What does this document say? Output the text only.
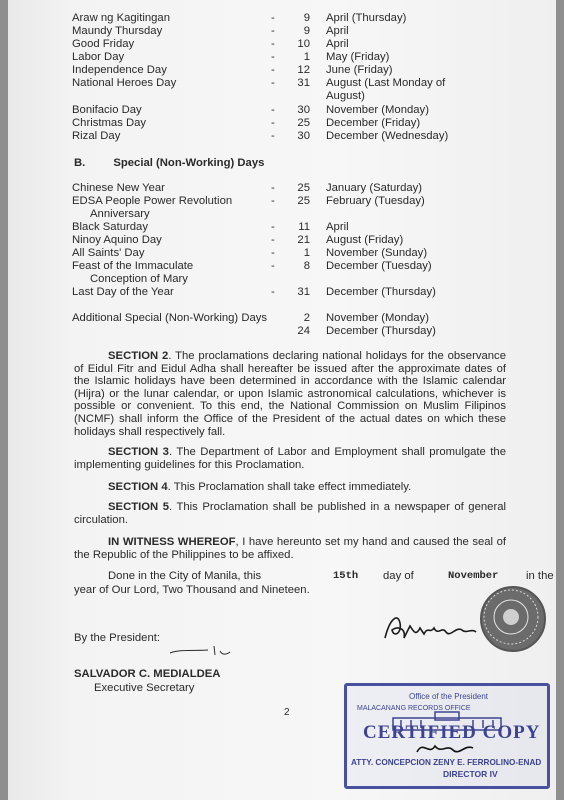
Araw ng Kagitingan	-	9 April (Thursday)
Maundy Thursday	-	9 April
Good Friday	- 10 April
Labor Day	-	1 May (Friday)
Independence Day	- 12 June (Friday)
National Heroes Day	- 31 August (Last Monday of
August)
Bonifacio Day	- 30 November (Monday)
Christmas Day	- 25 December (Friday)
Rizal Day	- 30 December (Wednesday)
B. Special (Non-Working) Days
Chinese New Year	- 25 January (Saturday)
EDSA People Power Revolution	- 25 February (Tuesday)
Anniversary
Black Saturday	- 11 April
Ninoy Aquino Day	- 21 August (Friday)
All Saints' Day	-	1 November (Sunday)
Feast of the Immaculate	-	8 December (Tuesday)
Conception of Mary
Last Day of the Year	- 31 December (Thursday)
Additional Special (Non-Working) Days	2 November (Monday)
24 December (Thursday)
SECTION 2. The proclamations declaring national holidays for the observance of Eidul Fitr and Eidul Adha shall hereafter be issued after the approximate dates of the Islamic holidays have been determined in accordance with the Islamic calendar (Hijra) or the lunar calendar, or upon Islamic astronomical calculations, whichever is possible or convenient. To this end, the National Commission on Muslim Filipinos (NCMF) shall inform the Office of the President of the actual dates on which these holidays shall respectively fall.
SECTION 3. The Department of Labor and Employment shall promulgate the implementing guidelines for this Proclamation.
SECTION 4. This Proclamation shall take effect immediately.
SECTION 5. This Proclamation shall be published in a newspaper of general circulation.
IN WITNESS WHEREOF, I have hereunto set my hand and caused the seal of the Republic of the Philippines to be affixed.
Done in the City of Manila, this	15th day of	November in the
year of Our Lord, Two Thousand and Nineteen.
By the President:
SALVADOR C. MEDIALDEA
Executive Secretary
2
Office of the President
MALACANANG RECORDS OFFICE
CERTIFIED COPY
ATTY. CONCEPCION ZENY E. FERROLINO-ENAD
DIRECTOR IV
